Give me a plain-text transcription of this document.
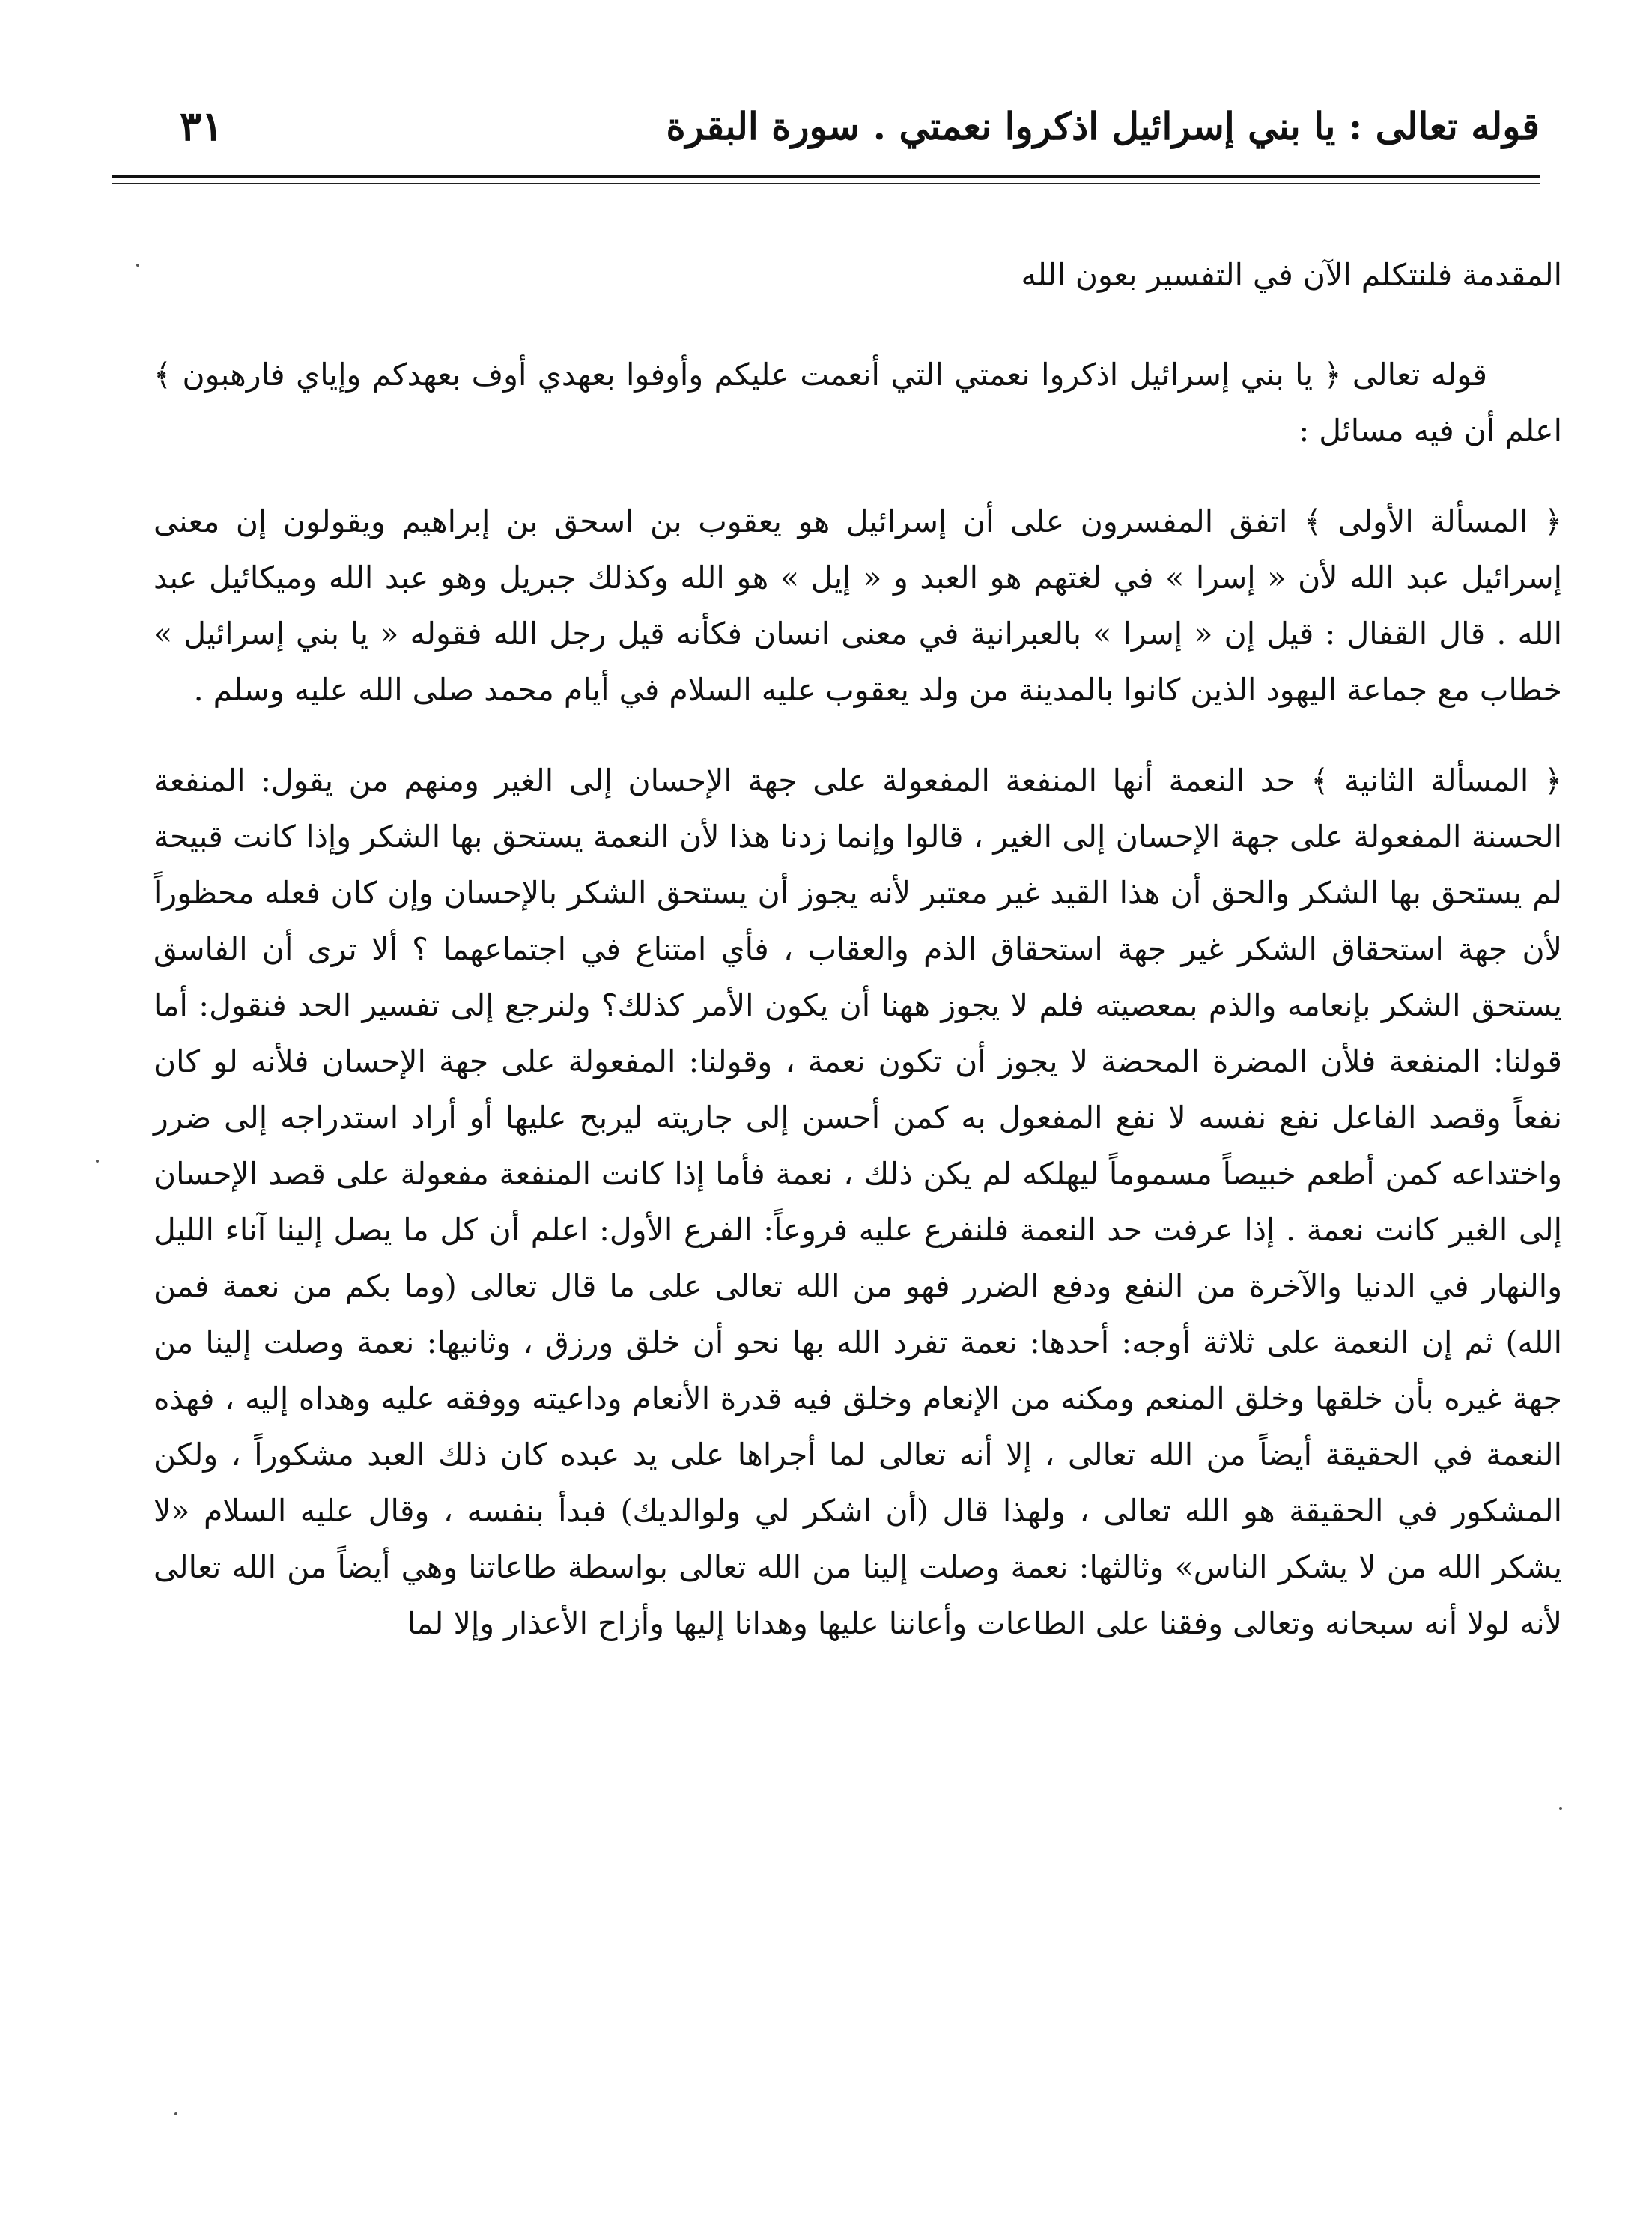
قوله تعالى : يا بني إسرائيل اذكروا نعمتي . سورة البقرة
٣١

المقدمة فلنتكلم الآن في التفسير بعون الله

قوله تعالى ﴿ يا بني إسرائيل اذكروا نعمتي التي أنعمت عليكم وأوفوا بعهدي أوف بعهدكم وإياي فارهبون ﴾ اعلم أن فيه مسائل :

﴿ المسألة الأولى ﴾ اتفق المفسرون على أن إسرائيل هو يعقوب بن اسحق بن إبراهيم ويقولون إن معنى إسرائيل عبد الله لأن « إسرا » في لغتهم هو العبد و « إيل » هو الله وكذلك جبريل وهو عبد الله وميكائيل عبد الله . قال القفال : قيل إن « إسرا » بالعبرانية في معنى انسان فكأنه قيل رجل الله فقوله « يا بني إسرائيل » خطاب مع جماعة اليهود الذين كانوا بالمدينة من ولد يعقوب عليه السلام في أيام محمد صلى الله عليه وسلم .

﴿ المسألة الثانية ﴾ حد النعمة أنها المنفعة المفعولة على جهة الإحسان إلى الغير ومنهم من يقول: المنفعة الحسنة المفعولة على جهة الإحسان إلى الغير ، قالوا وإنما زدنا هذا لأن النعمة يستحق بها الشكر وإذا كانت قبيحة لم يستحق بها الشكر والحق أن هذا القيد غير معتبر لأنه يجوز أن يستحق الشكر بالإحسان وإن كان فعله محظوراً لأن جهة استحقاق الشكر غير جهة استحقاق الذم والعقاب ، فأي امتناع في اجتماعهما ؟ ألا ترى أن الفاسق يستحق الشكر بإنعامه والذم بمعصيته فلم لا يجوز ههنا أن يكون الأمر كذلك؟ ولنرجع إلى تفسير الحد فنقول: أما قولنا: المنفعة فلأن المضرة المحضة لا يجوز أن تكون نعمة ، وقولنا: المفعولة على جهة الإحسان فلأنه لو كان نفعاً وقصد الفاعل نفع نفسه لا نفع المفعول به كمن أحسن إلى جاريته ليربح عليها أو أراد استدراجه إلى ضرر واختداعه كمن أطعم خبيصاً مسموماً ليهلكه لم يكن ذلك ، نعمة فأما إذا كانت المنفعة مفعولة على قصد الإحسان إلى الغير كانت نعمة . إذا عرفت حد النعمة فلنفرع عليه فروعاً: الفرع الأول: اعلم أن كل ما يصل إلينا آناء الليل والنهار في الدنيا والآخرة من النفع ودفع الضرر فهو من الله تعالى على ما قال تعالى (وما بكم من نعمة فمن الله) ثم إن النعمة على ثلاثة أوجه: أحدها: نعمة تفرد الله بها نحو أن خلق ورزق ، وثانيها: نعمة وصلت إلينا من جهة غيره بأن خلقها وخلق المنعم ومكنه من الإنعام وخلق فيه قدرة الأنعام وداعيته ووفقه عليه وهداه إليه ، فهذه النعمة في الحقيقة أيضاً من الله تعالى ، إلا أنه تعالى لما أجراها على يد عبده كان ذلك العبد مشكوراً ، ولكن المشكور في الحقيقة هو الله تعالى ، ولهذا قال (أن اشكر لي ولوالديك) فبدأ بنفسه ، وقال عليه السلام «لا يشكر الله من لا يشكر الناس» وثالثها: نعمة وصلت إلينا من الله تعالى بواسطة طاعاتنا وهي أيضاً من الله تعالى لأنه لولا أنه سبحانه وتعالى وفقنا على الطاعات وأعاننا عليها وهدانا إليها وأزاح الأعذار وإلا لما
